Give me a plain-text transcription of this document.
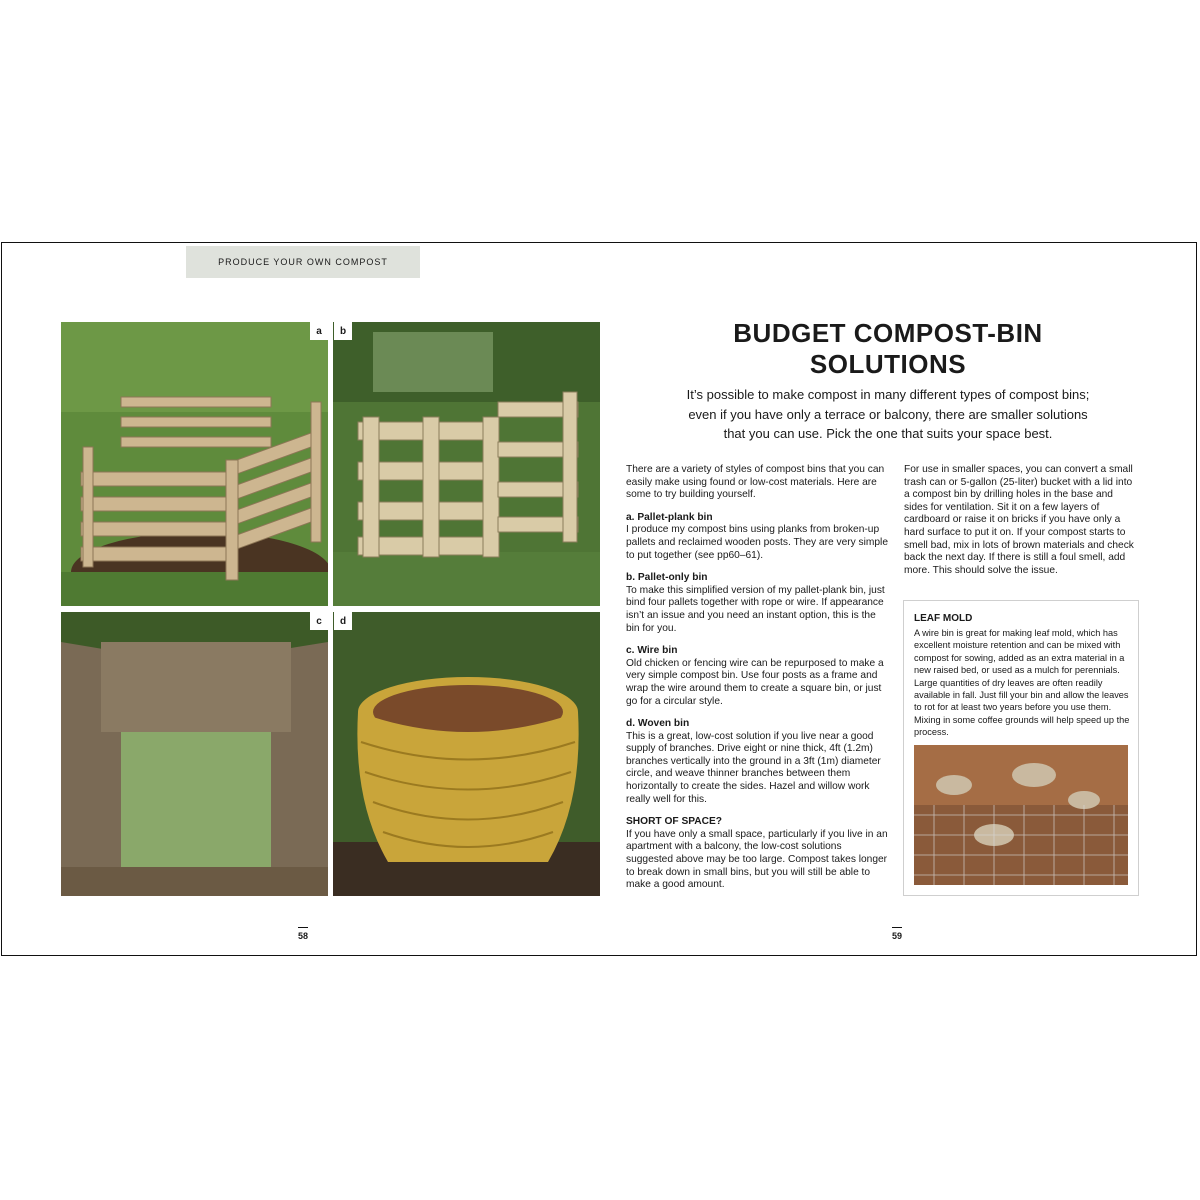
PRODUCE YOUR OWN COMPOST
a	b
c	d
58	59
BUDGET COMPOST-BIN
SOLUTIONS
It’s possible to make compost in many different types of compost bins;
even if you have only a terrace or balcony, there are smaller solutions
that you can use. Pick the one that suits your space best.

There are a variety of styles of compost bins that you can easily make using found or low-cost materials. Here are some to try building yourself.

a. Pallet-plank bin
I produce my compost bins using planks from broken-up pallets and reclaimed wooden posts. They are very simple to put together (see pp60–61).

b. Pallet-only bin
To make this simplified version of my pallet-plank bin, just bind four pallets together with rope or wire. If appearance isn’t an issue and you need an instant option, this is the bin for you.

c. Wire bin
Old chicken or fencing wire can be repurposed to make a very simple compost bin. Use four posts as a frame and wrap the wire around them to create a square bin, or just go for a circular style.

d. Woven bin
This is a great, low-cost solution if you live near a good supply of branches. Drive eight or nine thick, 4ft (1.2m) branches vertically into the ground in a 3ft (1m) diameter circle, and weave thinner branches between them horizontally to create the sides. Hazel and willow work really well for this.

SHORT OF SPACE?
If you have only a small space, particularly if you live in an apartment with a balcony, the low-cost solutions suggested above may be too large. Compost takes longer to break down in small bins, but you will still be able to make a good amount.

For use in smaller spaces, you can convert a small trash can or 5-gallon (25-liter) bucket with a lid into a compost bin by drilling holes in the base and sides for ventilation. Sit it on a few layers of cardboard or raise it on bricks if you have only a hard surface to put it on. If your compost starts to smell bad, mix in lots of brown materials and check back the next day. If there is still a foul smell, add more. This should solve the issue.

LEAF MOLD
A wire bin is great for making leaf mold, which has excellent moisture retention and can be mixed with compost for sowing, added as an extra material in a new raised bed, or used as a mulch for perennials. Large quantities of dry leaves are often readily available in fall. Just fill your bin and allow the leaves to rot for at least two years before you use them. Mixing in some coffee grounds will help speed up the process.
